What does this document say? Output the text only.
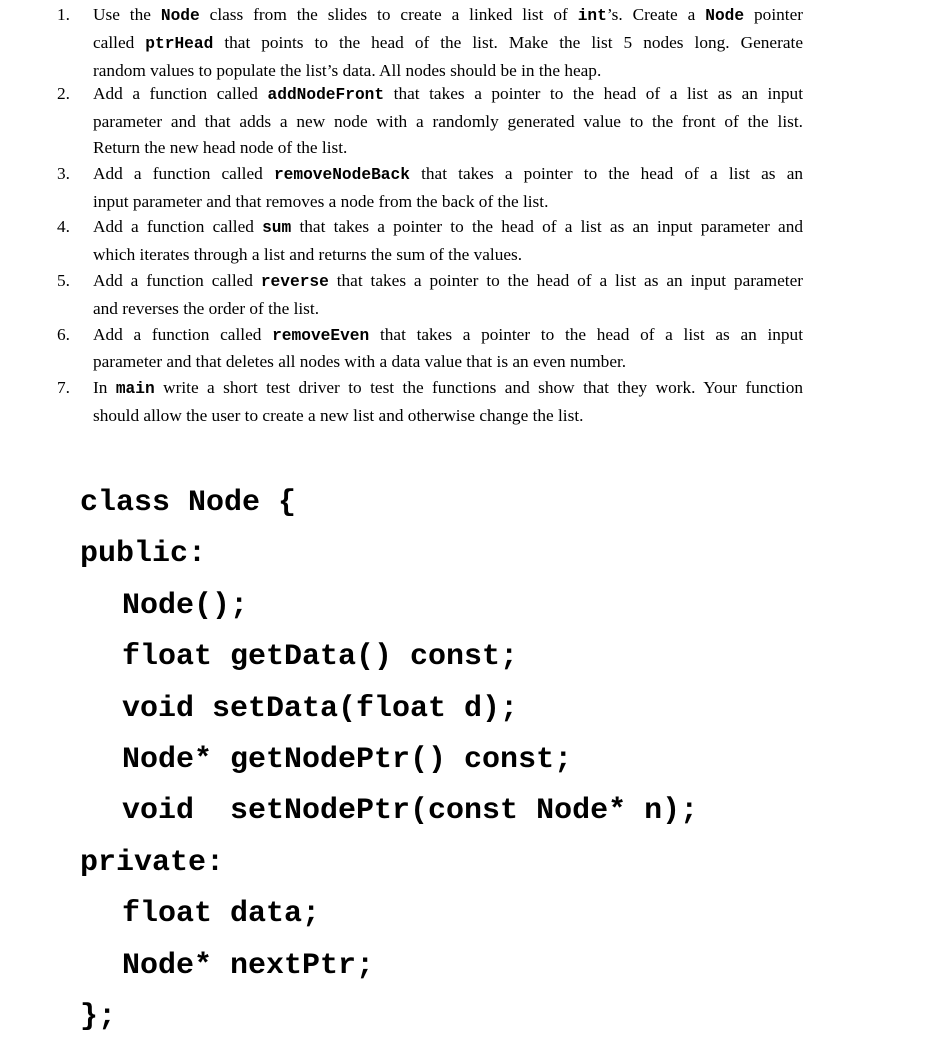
1. Use the Node class from the slides to create a linked list of int’s. Create a Node pointer

called ptrHead that points to the head of the list. Make the list 5 nodes long. Generate

random values to populate the list’s data. All nodes should be in the heap.

2. Add a function called addNodeFront that takes a pointer to the head of a list as an input

parameter and that adds a new node with a randomly generated value to the front of the list.

Return the new head node of the list.

3. Add a function called removeNodeBack that takes a pointer to the head of a list as an

input parameter and that removes a node from the back of the list.

4. Add a function called sum that takes a pointer to the head of a list as an input parameter and

which iterates through a list and returns the sum of the values.

5. Add a function called reverse that takes a pointer to the head of a list as an input parameter

and reverses the order of the list.

6. Add a function called removeEven that takes a pointer to the head of a list as an input

parameter and that deletes all nodes with a data value that is an even number.

7. In main write a short test driver to test the functions and show that they work. Your function

should allow the user to create a new list and otherwise change the list.

class Node {
public:
Node();
float getData() const;
void setData(float d);
Node* getNodePtr() const;
void  setNodePtr(const Node* n);
private:
float data;
Node* nextPtr;
};
